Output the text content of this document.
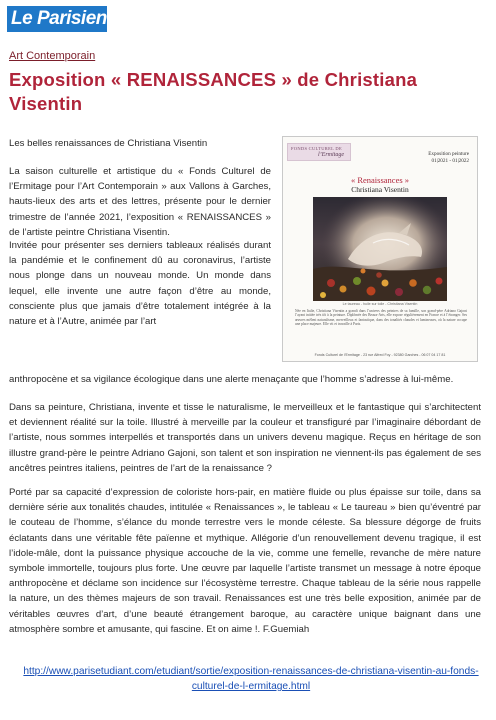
Le Parisien
Art Contemporain
Exposition « RENAISSANCES » de Christiana Visentin
Les belles renaissances de Christiana Visentin
La saison culturelle et artistique du « Fonds Culturel de l’Ermitage pour l’Art Contemporain » aux Vallons à Garches, hauts-lieux des arts et des lettres, présente pour le dernier trimestre de l’année 2021, l’exposition « RENAISSANCES » de l’artiste peintre Christiana Visentin.
Invitée pour présenter ses derniers tableaux réalisés durant la pandémie et le confinement dû au coronavirus, l’artiste nous plonge dans un nouveau monde. Un monde dans lequel, elle invente une autre façon d’être au monde, consciente plus que jamais d’être totalement intégrée à la nature et à l’Autre, animée par l’art
anthropocène et sa vigilance écologique dans une alerte menaçante que l’homme s’adresse à lui-même.
Dans sa peinture, Christiana, invente et tisse le naturalisme, le merveilleux et le fantastique qui s’architectent et deviennent réalité sur la toile. Illustré à merveille par la couleur et transfiguré par l’imaginaire débordant de l’artiste, nous sommes interpellés et transportés dans un univers devenu magique. Reçus en héritage de son illustre grand-père le peintre Adriano Gajoni, son talent et son inspiration ne viennent-ils pas également de ses ancêtres peintres italiens, peintres de l’art de la renaissance ?
Porté par sa capacité d’expression de coloriste hors-pair, en matière fluide ou plus épaisse sur toile, dans sa dernière série aux tonalités chaudes, intitulée « Renaissances », le tableau « Le taureau » bien qu’éventré par le couteau de l’homme, s’élance du monde terrestre vers le monde céleste. Sa blessure dégorge de fruits éclatants dans une véritable fête païenne et mythique. Allégorie d’un renouvellement devenu tragique, il est l’idole-mâle, dont la puissance physique accouche de la vie, comme une femelle, revanche de mère nature symbole immortelle, toujours plus forte. Une œuvre par laquelle l’artiste transmet un message à notre époque anthropocène et déclame son incidence sur l’écosystème terrestre. Chaque tableau de la série nous rappelle la nature, un des thèmes majeurs de son travail. Renaissances est une très belle exposition, animée par de véritables œuvres d’art, d’une beauté étrangement baroque, au caractère unique baignant dans une atmosphère sombre et amusante, qui fascine. Et on aime !. F.Guemiah
FONDS CULTUREL DE
l’Ermitage	Exposition peinture
01|2021 - 01|2022
« Renaissances »
Christiana Visentin
Le taureau - huile sur toile - Christiana Visentin
Née en Italie, Christiana Visentin a grandi dans l’univers des peintres de sa famille, son grand-père Adriano Gajoni l’ayant initiée très tôt à la peinture. Diplômée des Beaux-Arts, elle expose régulièrement en France et à l’étranger. Ses œuvres mêlent naturalisme, merveilleux et fantastique, dans des tonalités chaudes et lumineuses, où la nature occupe une place majeure. Elle vit et travaille à Paris.
Fonds Culturel de l’Ermitage - 23 rue Alfred Foy - 92380 Garches - 06 07 04 17 81
http://www.parisetudiant.com/etudiant/sortie/exposition-renaissances-de-christiana-visentin-au-fonds-culturel-de-l-ermitage.html
